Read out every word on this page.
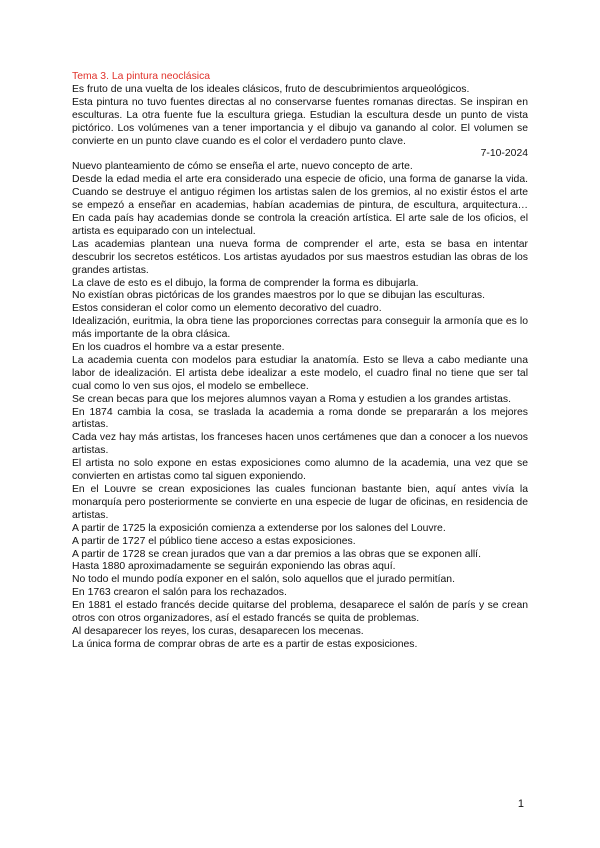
Tema 3. La pintura neoclásica

Es fruto de una vuelta de los ideales clásicos, fruto de descubrimientos arqueológicos.

Esta pintura no tuvo fuentes directas al no conservarse fuentes romanas directas. Se inspiran en esculturas. La otra fuente fue la escultura griega. Estudian la escultura desde un punto de vista pictórico. Los volúmenes van a tener importancia y el dibujo va ganando al color. El volumen se convierte en un punto clave cuando es el color el verdadero punto clave.

7-10-2024

Nuevo planteamiento de cómo se enseña el arte, nuevo concepto de arte.

Desde la edad media el arte era considerado una especie de oficio, una forma de ganarse la vida. Cuando se destruye el antiguo régimen los artistas salen de los gremios, al no existir éstos el arte se empezó a enseñar en academias, habían academias de pintura, de escultura, arquitectura… En cada país hay academias donde se controla la creación artística. El arte sale de los oficios, el artista es equiparado con un intelectual.

Las academias plantean una nueva forma de comprender el arte, esta se basa en intentar descubrir los secretos estéticos. Los artistas ayudados por sus maestros estudian las obras de los grandes artistas.

La clave de esto es el dibujo, la forma de comprender la forma es dibujarla.

No existían obras pictóricas de los grandes maestros por lo que se dibujan las esculturas.

Estos consideran el color como un elemento decorativo del cuadro.

Idealización, euritmia, la obra tiene las proporciones correctas para conseguir la armonía que es lo más importante de la obra clásica.

En los cuadros el hombre va a estar presente.

La academia cuenta con modelos para estudiar la anatomía. Esto se lleva a cabo mediante una labor de idealización. El artista debe idealizar a este modelo, el cuadro final no tiene que ser tal cual como lo ven sus ojos, el modelo se embellece.

Se crean becas para que los mejores alumnos vayan a Roma y estudien a los grandes artistas.

En 1874 cambia la cosa, se traslada la academia a roma donde se prepararán a los mejores artistas.

Cada vez hay más artistas, los franceses hacen unos certámenes que dan a conocer a los nuevos artistas.

El artista no solo expone en estas exposiciones como alumno de la academia, una vez que se convierten en artistas como tal siguen exponiendo.

En el Louvre se crean exposiciones las cuales funcionan bastante bien, aquí antes vivía la monarquía pero posteriormente se convierte en una especie de lugar de oficinas, en residencia de artistas.

A partir de 1725 la exposición comienza a extenderse por los salones del Louvre.

A partir de 1727 el público tiene acceso a estas exposiciones.

A partir de 1728 se crean jurados que van a dar premios a las obras que se exponen allí.

Hasta 1880 aproximadamente se seguirán exponiendo las obras aquí.

No todo el mundo podía exponer en el salón, solo aquellos que el jurado permitían.

En 1763 crearon el salón para los rechazados.

En 1881 el estado francés decide quitarse del problema, desaparece el salón de parís y se crean otros con otros organizadores, así el estado francés se quita de problemas.

Al desaparecer los reyes, los curas, desaparecen los mecenas.

La única forma de comprar obras de arte es a partir de estas exposiciones.

1
